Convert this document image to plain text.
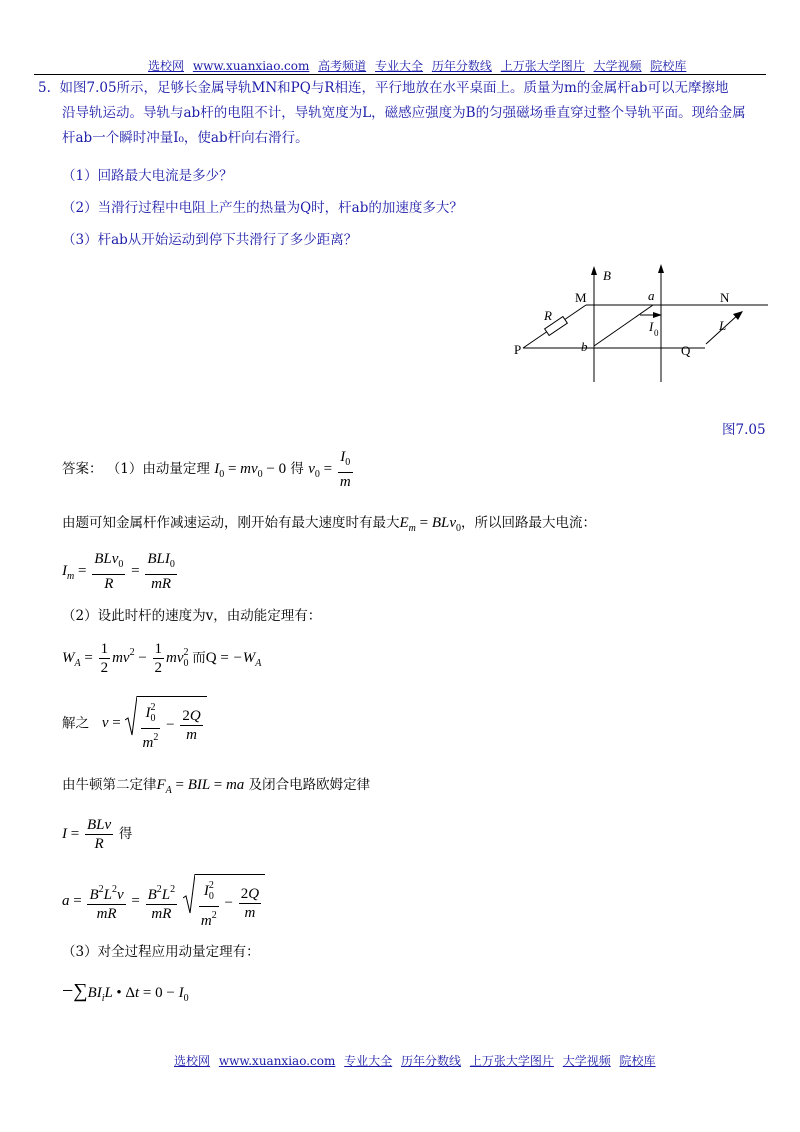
选校网 www.xuanxiao.com 高考频道 专业大全 历年分数线 上万张大学图片 大学视频 院校库
5. 如图7.05所示，足够长金属导轨MN和PQ与R相连，平行地放在水平桌面上。质量为m的金属杆ab可以无摩擦地
沿导轨运动。导轨与ab杆的电阻不计，导轨宽度为L，磁感应强度为B的匀强磁场垂直穿过整个导轨平面。现给金属
杆ab一个瞬时冲量I₀，使ab杆向右滑行。
（1）回路最大电流是多少？
（2）当滑行过程中电阻上产生的热量为Q时，杆ab的加速度多大？
（3）杆ab从开始运动到停下共滑行了多少距离？
B
M	a	N
R
I 0	L
P	b	Q
图7.05
答案： （1）由动量定理 $I_0 = mv_0 - 0$ 得 $v_0 = \frac{I_0}{m}$
由题可知金属杆作减速运动，刚开始有最大速度时有最大$E_m = BLv_0$，所以回路最大电流：
$I_m = \frac{BLv_0}{R} = \frac{BLI_0}{mR}$
（2）设此时杆的速度为v，由动能定理有：
$W_A = \frac{1}{2} mv^2 - \frac{1}{2} mv_0^2$ 而$Q = -W_A$
解之 $v = \frac{I_0^2}{m^2} - \frac{2Q}{m}$
由牛顿第二定律$F_A$ = BIL = ma 及闭合电路欧姆定律
$I = \frac{\text{BLv}}{R}$ 得
$a = \frac{B^2L^2v}{mR} = \frac{B^2L^2}{mR}$
$\frac{I_0^2}{m^2} - \frac{2Q}{m}$
（3）对全过程应用动量定理有：
$-\sum BI_iL$ • $\Delta t = 0 - I_0$
选校网 www.xuanxiao.com 专业大全 历年分数线 上万张大学图片 大学视频 院校库
